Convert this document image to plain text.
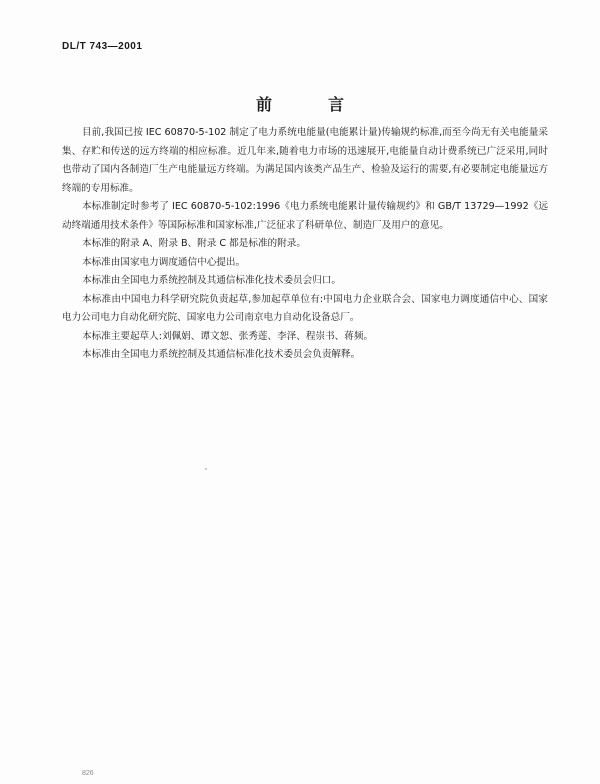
DL/T 743—2001
前	言

目前,我国已按 IEC 60870-5-102 制定了电力系统电能量(电能累计量)传输规约标准,而至今尚无有关电能量采集、存贮和传送的远方终端的相应标准。近几年来,随着电力市场的迅速展开,电能量自动计费系统已广泛采用,同时也带动了国内各制造厂生产电能量远方终端。为满足国内该类产品生产、检验及运行的需要,有必要制定电能量远方终端的专用标准。

本标准制定时参考了 IEC 60870-5-102:1996《电力系统电能累计量传输规约》和 GB/T 13729—1992《远动终端通用技术条件》等国际标准和国家标准,广泛征求了科研单位、制造厂及用户的意见。

本标准的附录 A、附录 B、附录 C 都是标准的附录。

本标准由国家电力调度通信中心提出。

本标准由全国电力系统控制及其通信标准化技术委员会归口。

本标准由中国电力科学研究院负责起草,参加起草单位有:中国电力企业联合会、国家电力调度通信中心、国家电力公司电力自动化研究院、国家电力公司南京电力自动化设备总厂。

本标准主要起草人:刘佩娟、谭文恕、张秀莲、李泽、程崇书、蒋频。

本标准由全国电力系统控制及其通信标准化技术委员会负责解释。

826
